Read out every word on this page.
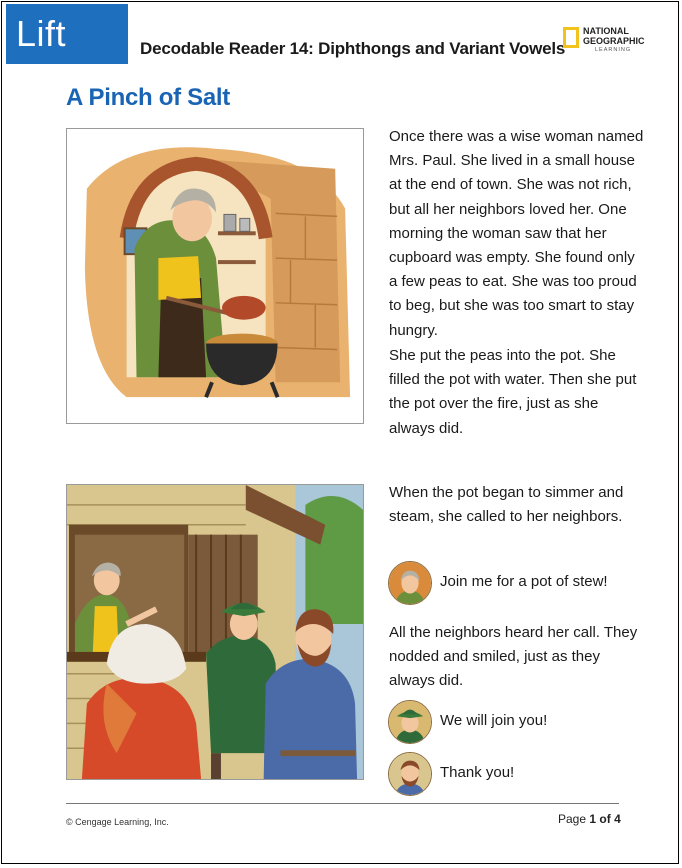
Lift	Decodable Reader 14: Diphthongs and Variant Vowels
NATIONAL
GEOGRAPHIC
LEARNING
A Pinch of Salt
Once there was a wise woman named Mrs. Paul. She lived in a small house at the end of town. She was not rich, but all her neighbors loved her. One morning the woman saw that her cupboard was empty. She found only a few peas to eat. She was too proud to beg, but she was too smart to stay hungry.
She put the peas into the pot. She filled the pot with water. Then she put the pot over the fire, just as she always did.
When the pot began to simmer and steam, she called to her neighbors.
Join me for a pot of stew!
All the neighbors heard her call. They nodded and smiled, just as they always did.
We will join you!
Thank you!
© Cengage Learning, Inc.	Page 1 of 4
